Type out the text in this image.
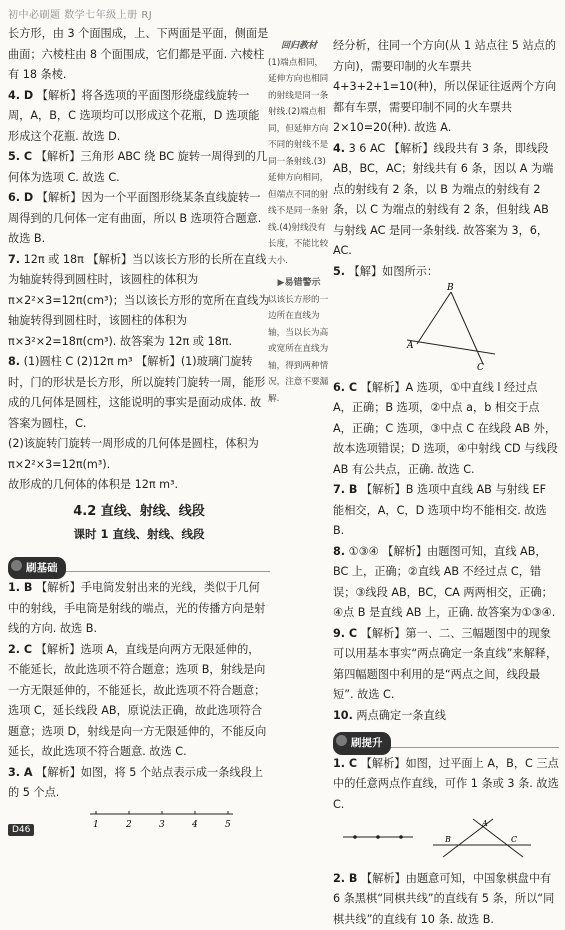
初中必刷题 数学七年级上册 RJ

长方形，由 3 个面围成，上、下两面是平面，侧面是曲面；六棱柱由 8 个面围成，它们都是平面. 六棱柱有 18 条棱.

4. D 【解析】将各选项的平面图形绕虚线旋转一周，A，B，C 选项均可以形成这个花瓶，D 选项能形成这个花瓶. 故选 D.

5. C 【解析】三角形 ABC 绕 BC 旋转一周得到的几何体为选项 C. 故选 C.

6. D 【解析】因为一个平面图形绕某条直线旋转一周得到的几何体一定有曲面，所以 B 选项符合题意. 故选 B.

7. 12π 或 18π 【解析】当以该长方形的长所在直线为轴旋转得到圆柱时，该圆柱的体积为 π×2²×3=12π(cm³)；当以该长方形的宽所在直线为轴旋转得到圆柱时，该圆柱的体积为 π×3²×2=18π(cm³). 故答案为 12π 或 18π.

8. (1)圆柱 C (2)12π m³ 【解析】(1)玻璃门旋转时，门的形状是长方形，所以旋转门旋转一周，能形成的几何体是圆柱，这能说明的事实是面动成体. 故答案为圆柱，C.

(2)该旋转门旋转一周形成的几何体是圆柱，体积为 π×2²×3=12π(m³).

故形成的几何体的体积是 12π m³.

4.2 直线、射线、线段
课时 1 直线、射线、线段
刷基础

1. B 【解析】手电筒发射出来的光线，类似于几何中的射线，手电筒是射线的端点，光的传播方向是射线的方向. 故选 B.

2. C 【解析】选项 A，直线是向两方无限延伸的，不能延长，故此选项不符合题意；选项 B，射线是向一方无限延伸的，不能延长，故此选项不符合题意；选项 C，延长线段 AB，原说法正确，故此选项符合题意；选项 D，射线是向一方无限延伸的，不能反向延长，故此选项不符合题意. 故选 C.

3. A 【解析】如图，将 5 个站点表示成一条线段上的 5 个点.

1	2	3	4	5
回归教材
(1)端点相同，延伸方向也相同的射线是同一条射线.(2)端点相同，但延伸方向不同的射线不是同一条射线.(3)延伸方向相同，但端点不同的射线不是同一条射线.(4)射线没有长度，不能比较大小.
▶易错警示
以该长方形的一边所在直线为轴，当以长为高或宽所在直线为轴，得到两种情况，注意不要漏解.

经分析，往同一个方向(从 1 站点往 5 站点的方向)，需要印制的火车票共 4+3+2+1=10(种)，所以保证往返两个方向都有车票，需要印制不同的火车票共 2×10=20(种). 故选 A.

4. 3 6 AC 【解析】线段共有 3 条，即线段 AB，BC，AC；射线共有 6 条，因以 A 为端点的射线有 2 条，以 B 为端点的射线有 2 条，以 C 为端点的射线有 2 条，但射线 AB 与射线 AC 是同一条射线. 故答案为 3，6，AC.

5. 【解】如图所示：

B
A
C

6. C 【解析】A 选项，①中直线 l 经过点 A，正确；B 选项，②中点 a，b 相交于点 A，正确；C 选项，③中点 C 在线段 AB 外，故本选项错误；D 选项，④中射线 CD 与线段 AB 有公共点，正确. 故选 C.

7. B 【解析】B 选项中直线 AB 与射线 EF 能相交，A，C，D 选项中均不能相交. 故选 B.

8. ①③④ 【解析】由题图可知，直线 AB，BC 上，正确；②直线 AB 不经过点 C，错误；③线段 AB，BC，CA 两两相交，正确；④点 B 是直线 AB 上，正确. 故答案为①③④.

9. C 【解析】第一、二、三幅题图中的现象可以用基本事实“两点确定一条直线”来解释，第四幅题图中利用的是“两点之间，线段最短”. 故选 C.

10. 两点确定一条直线

刷提升

1. C 【解析】如图，过平面上 A，B，C 三点中的任意两点作直线，可作 1 条或 3 条. 故选 C.

A
B	C

2. B 【解析】由题意可知，中国象棋盘中有 6 条黑棋“同棋共线”的直线有 5 条，所以“同棋共线”的直线有 10 条. 故选 B.

D46
